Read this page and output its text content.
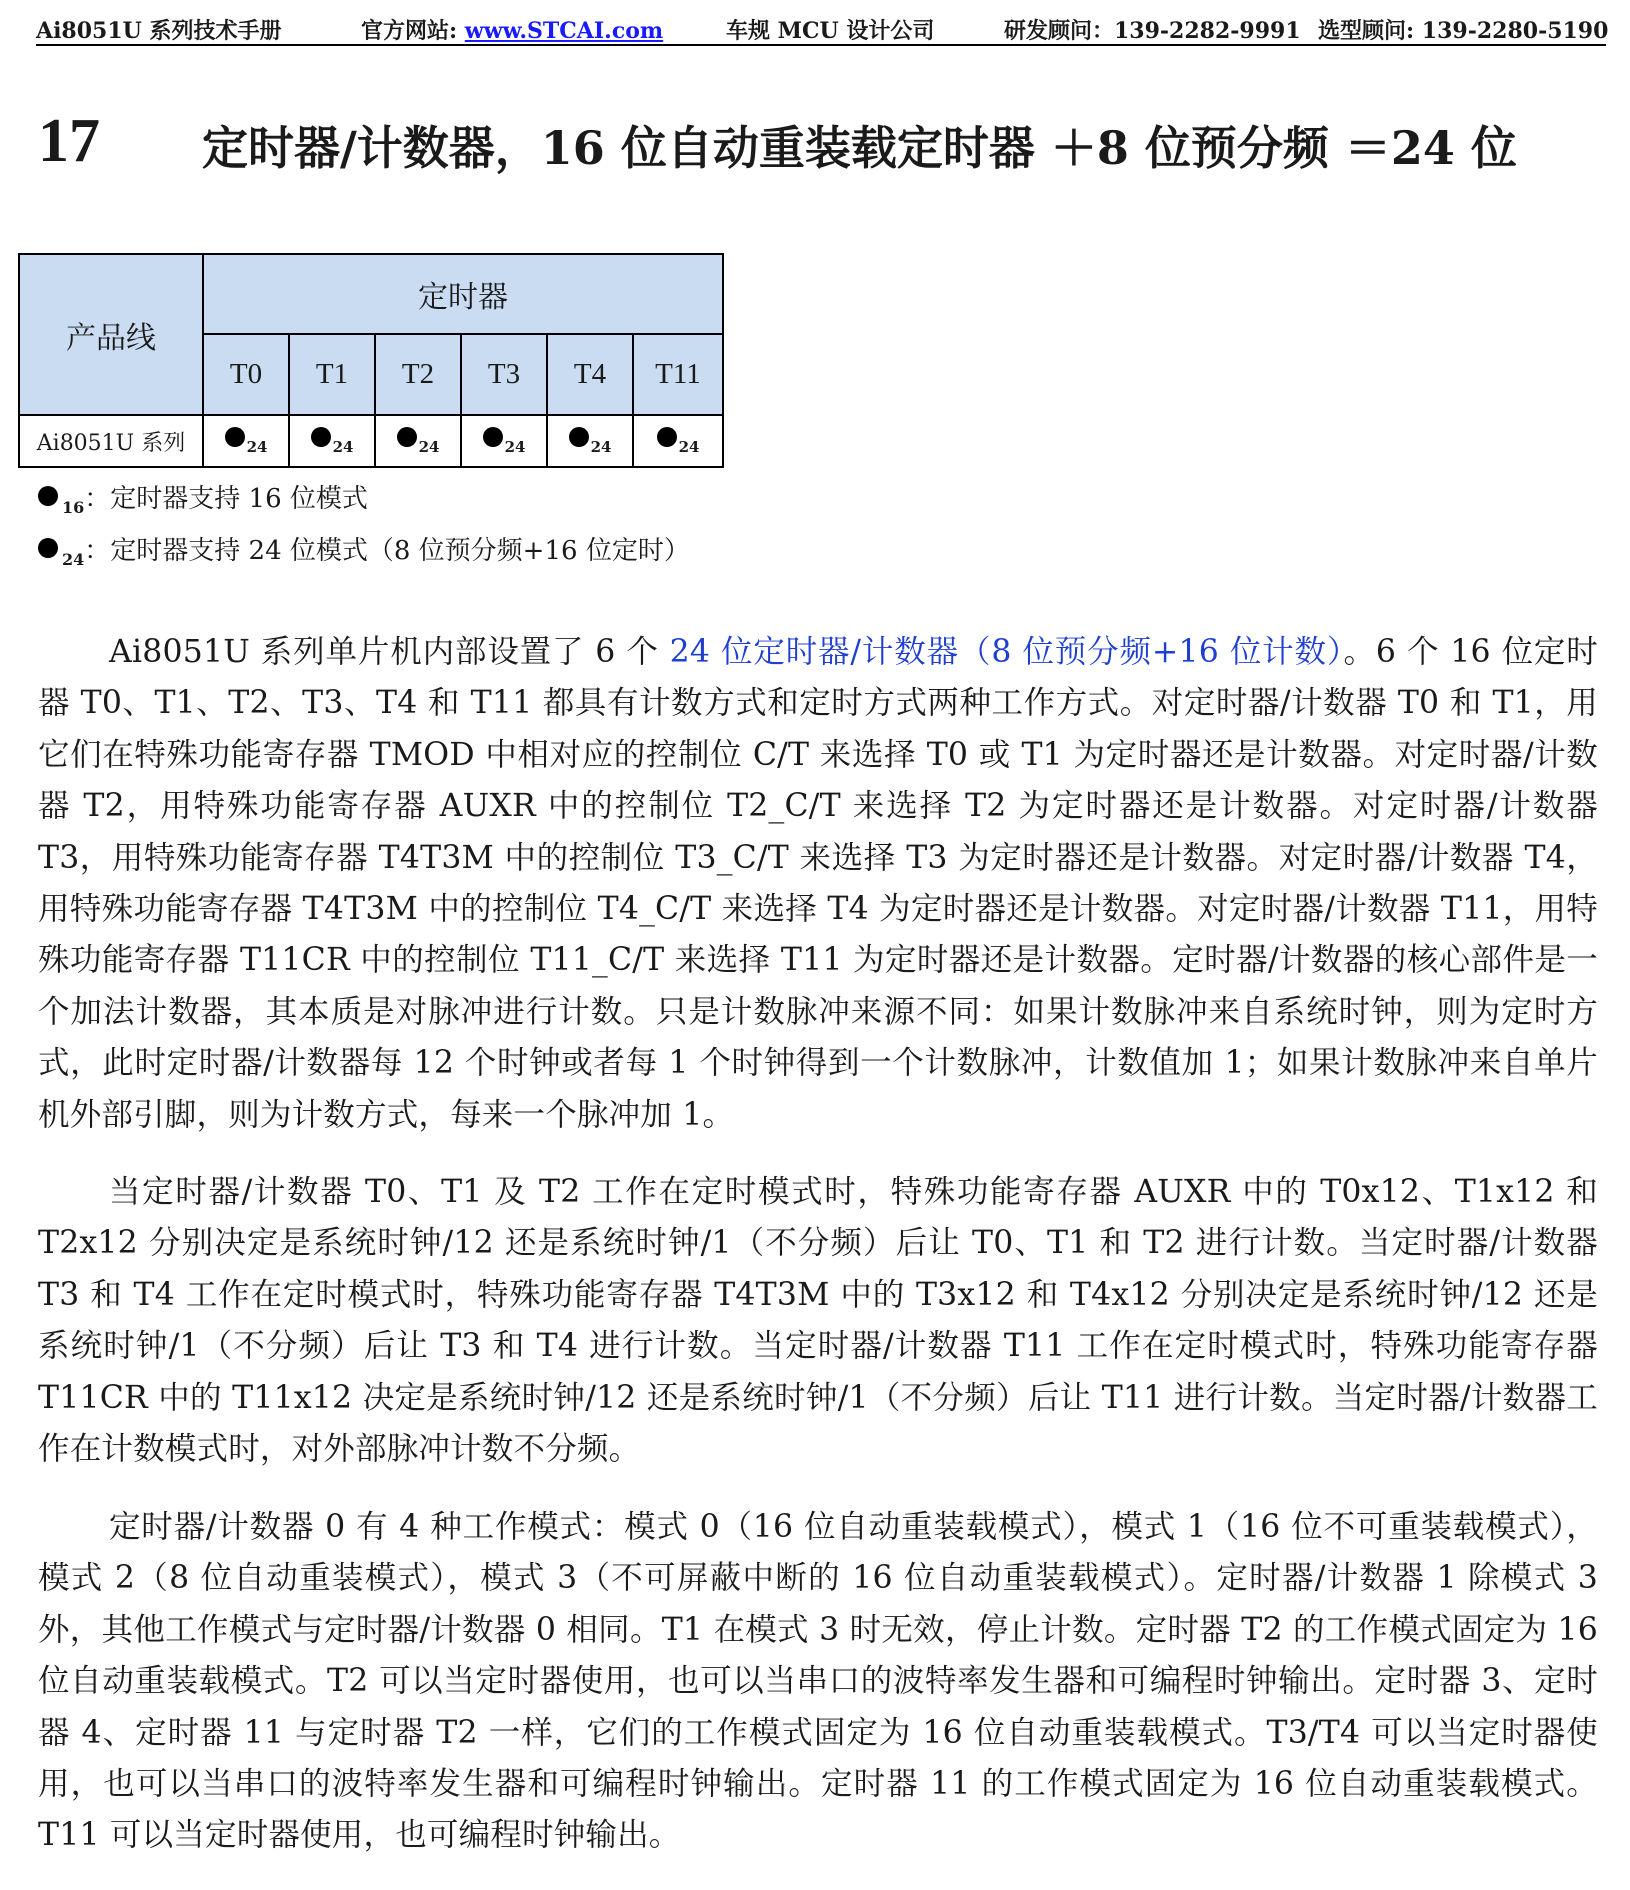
Ai8051U 系列技术手册	官方网站: www.STCAI.com	车规 MCU 设计公司	研发顾问：139-2282-9991 选型顾问: 139-2280-5190
17 定时器/计数器，16 位自动重装载定时器 ＋8 位预分频 ＝24 位
产品线	定时器					
	T0	T1	T2	T3	T4	T11
Ai8051U 系列	24	24	24	24	24	24
$_{16}$：定时器支持 16 位模式
$_{24}$：定时器支持 24 位模式（8 位预分频+16 位定时）

Ai8051U 系列单片机内部设置了 6 个 24 位定时器/计数器（8 位预分频+16 位计数）。6 个 16 位定时器 T0、T1、T2、T3、T4 和 T11 都具有计数方式和定时方式两种工作方式。对定时器/计数器 T0 和 T1，用它们在特殊功能寄存器 TMOD 中相对应的控制位 C/T 来选择 T0 或 T1 为定时器还是计数器。对定时器/计数器 T2，用特殊功能寄存器 AUXR 中的控制位 T2_C/T 来选择 T2 为定时器还是计数器。对定时器/计数器 T3，用特殊功能寄存器 T4T3M 中的控制位 T3_C/T 来选择 T3 为定时器还是计数器。对定时器/计数器 T4，用特殊功能寄存器 T4T3M 中的控制位 T4_C/T 来选择 T4 为定时器还是计数器。对定时器/计数器 T11，用特殊功能寄存器 T11CR 中的控制位 T11_C/T 来选择 T11 为定时器还是计数器。定时器/计数器的核心部件是一个加法计数器，其本质是对脉冲进行计数。只是计数脉冲来源不同：如果计数脉冲来自系统时钟，则为定时方式，此时定时器/计数器每 12 个时钟或者每 1 个时钟得到一个计数脉冲，计数值加 1；如果计数脉冲来自单片机外部引脚，则为计数方式，每来一个脉冲加 1。

当定时器/计数器 T0、T1 及 T2 工作在定时模式时，特殊功能寄存器 AUXR 中的 T0x12、T1x12 和 T2x12 分别决定是系统时钟/12 还是系统时钟/1（不分频）后让 T0、T1 和 T2 进行计数。当定时器/计数器 T3 和 T4 工作在定时模式时，特殊功能寄存器 T4T3M 中的 T3x12 和 T4x12 分别决定是系统时钟/12 还是系统时钟/1（不分频）后让 T3 和 T4 进行计数。当定时器/计数器 T11 工作在定时模式时，特殊功能寄存器 T11CR 中的 T11x12 决定是系统时钟/12 还是系统时钟/1（不分频）后让 T11 进行计数。当定时器/计数器工作在计数模式时，对外部脉冲计数不分频。

定时器/计数器 0 有 4 种工作模式：模式 0（16 位自动重装载模式），模式 1（16 位不可重装载模式），模式 2（8 位自动重装模式），模式 3（不可屏蔽中断的 16 位自动重装载模式）。定时器/计数器 1 除模式 3 外，其他工作模式与定时器/计数器 0 相同。T1 在模式 3 时无效，停止计数。定时器 T2 的工作模式固定为 16 位自动重装载模式。T2 可以当定时器使用，也可以当串口的波特率发生器和可编程时钟输出。定时器 3、定时器 4、定时器 11 与定时器 T2 一样，它们的工作模式固定为 16 位自动重装载模式。T3/T4 可以当定时器使用，也可以当串口的波特率发生器和可编程时钟输出。定时器 11 的工作模式固定为 16 位自动重装载模式。T11 可以当定时器使用，也可编程时钟输出。
